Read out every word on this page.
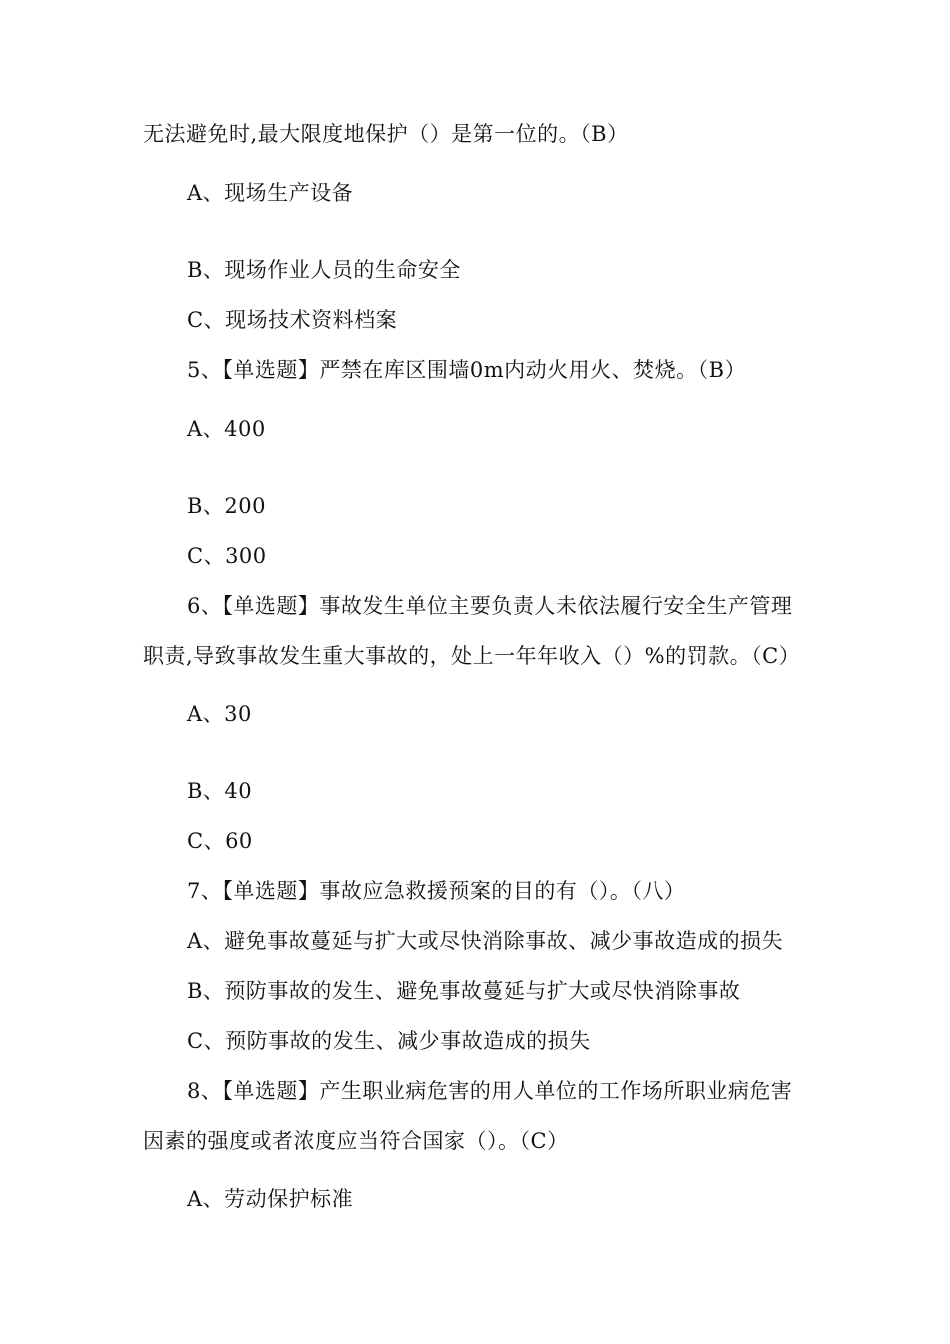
无法避免时,最大限度地保护（）是第一位的。（B）
A、现场生产设备
B、现场作业人员的生命安全
C、现场技术资料档案
5、【单选题】严禁在库区围墙0m内动火用火、焚烧。（B）
A、400
B、200
C、300
6、【单选题】事故发生单位主要负责人未依法履行安全生产管理
职责,导致事故发生重大事故的，处上一年年收入（）%的罚款。（C）
A、30
B、40
C、60
7、【单选题】事故应急救援预案的目的有（）。（八）
A、避免事故蔓延与扩大或尽快消除事故、减少事故造成的损失
B、预防事故的发生、避免事故蔓延与扩大或尽快消除事故
C、预防事故的发生、减少事故造成的损失
8、【单选题】产生职业病危害的用人单位的工作场所职业病危害
因素的强度或者浓度应当符合国家（）。（C）
A、劳动保护标准
